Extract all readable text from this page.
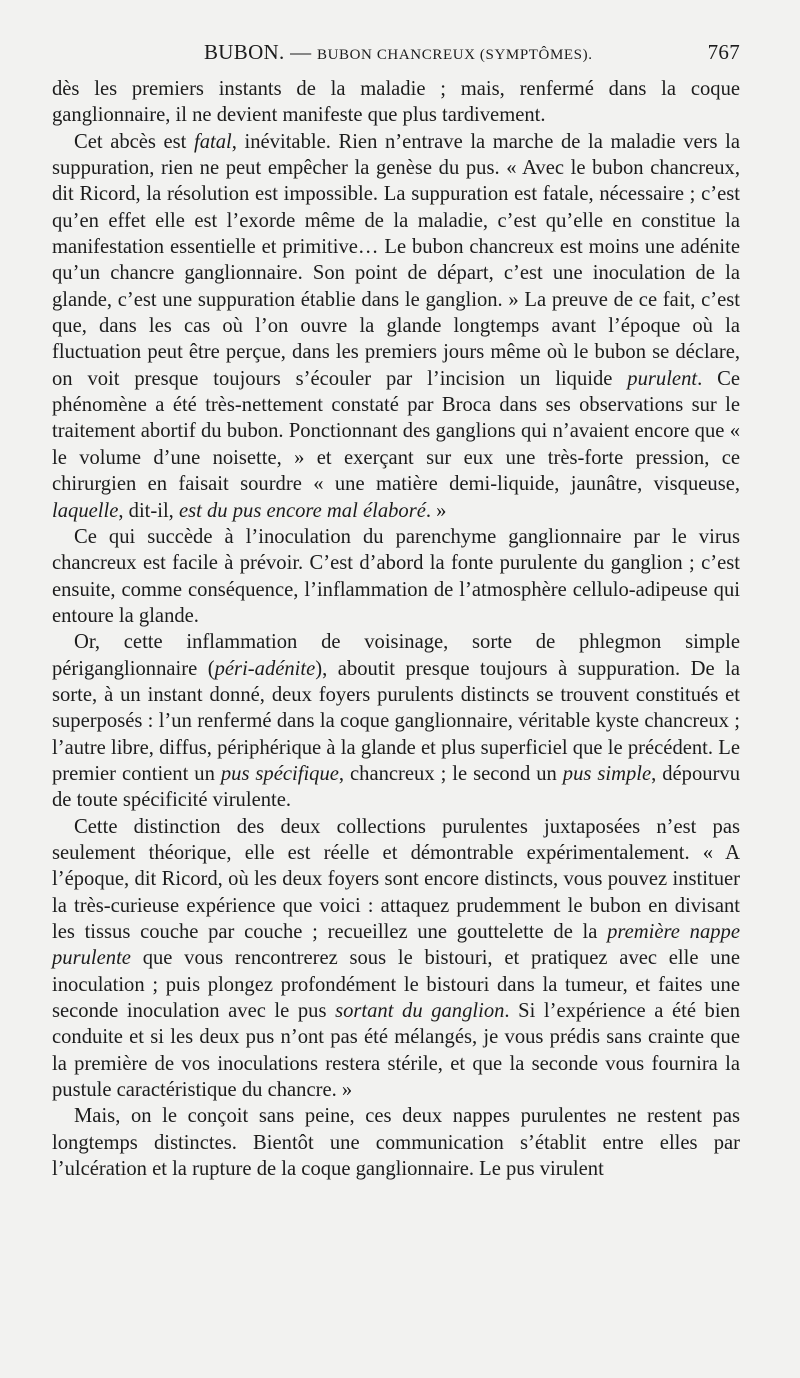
BUBON. — BUBON CHANCREUX (SYMPTÔMES).	767

dès les premiers instants de la maladie ; mais, renfermé dans la coque ganglionnaire, il ne devient manifeste que plus tardivement.

Cet abcès est fatal, inévitable. Rien n’entrave la marche de la maladie vers la suppuration, rien ne peut empêcher la genèse du pus. « Avec le bubon chancreux, dit Ricord, la résolution est impossible. La suppuration est fatale, nécessaire ; c’est qu’en effet elle est l’exorde même de la maladie, c’est qu’elle en constitue la manifestation essentielle et primitive… Le bubon chancreux est moins une adénite qu’un chancre ganglionnaire. Son point de départ, c’est une inoculation de la glande, c’est une suppuration établie dans le ganglion. » La preuve de ce fait, c’est que, dans les cas où l’on ouvre la glande longtemps avant l’époque où la fluctuation peut être perçue, dans les premiers jours même où le bubon se déclare, on voit presque toujours s’écouler par l’incision un liquide purulent. Ce phénomène a été très-nettement constaté par Broca dans ses observations sur le traitement abortif du bubon. Ponctionnant des ganglions qui n’avaient encore que « le volume d’une noisette, » et exerçant sur eux une très-forte pression, ce chirurgien en faisait sourdre « une matière demi-liquide, jaunâtre, visqueuse, laquelle, dit-il, est du pus encore mal élaboré. »

Ce qui succède à l’inoculation du parenchyme ganglionnaire par le virus chancreux est facile à prévoir. C’est d’abord la fonte purulente du ganglion ; c’est ensuite, comme conséquence, l’inflammation de l’atmosphère cellulo-adipeuse qui entoure la glande.

Or, cette inflammation de voisinage, sorte de phlegmon simple périganglionnaire (péri-adénite), aboutit presque toujours à suppuration. De la sorte, à un instant donné, deux foyers purulents distincts se trouvent constitués et superposés : l’un renfermé dans la coque ganglionnaire, véritable kyste chancreux ; l’autre libre, diffus, périphérique à la glande et plus superficiel que le précédent. Le premier contient un pus spécifique, chancreux ; le second un pus simple, dépourvu de toute spécificité virulente.

Cette distinction des deux collections purulentes juxtaposées n’est pas seulement théorique, elle est réelle et démontrable expérimentalement. « A l’époque, dit Ricord, où les deux foyers sont encore distincts, vous pouvez instituer la très-curieuse expérience que voici : attaquez prudemment le bubon en divisant les tissus couche par couche ; recueillez une gouttelette de la première nappe purulente que vous rencontrerez sous le bistouri, et pratiquez avec elle une inoculation ; puis plongez profondément le bistouri dans la tumeur, et faites une seconde inoculation avec le pus sortant du ganglion. Si l’expérience a été bien conduite et si les deux pus n’ont pas été mélangés, je vous prédis sans crainte que la première de vos inoculations restera stérile, et que la seconde vous fournira la pustule caractéristique du chancre. »

Mais, on le conçoit sans peine, ces deux nappes purulentes ne restent pas longtemps distinctes. Bientôt une communication s’établit entre elles par l’ulcération et la rupture de la coque ganglionnaire. Le pus virulent
